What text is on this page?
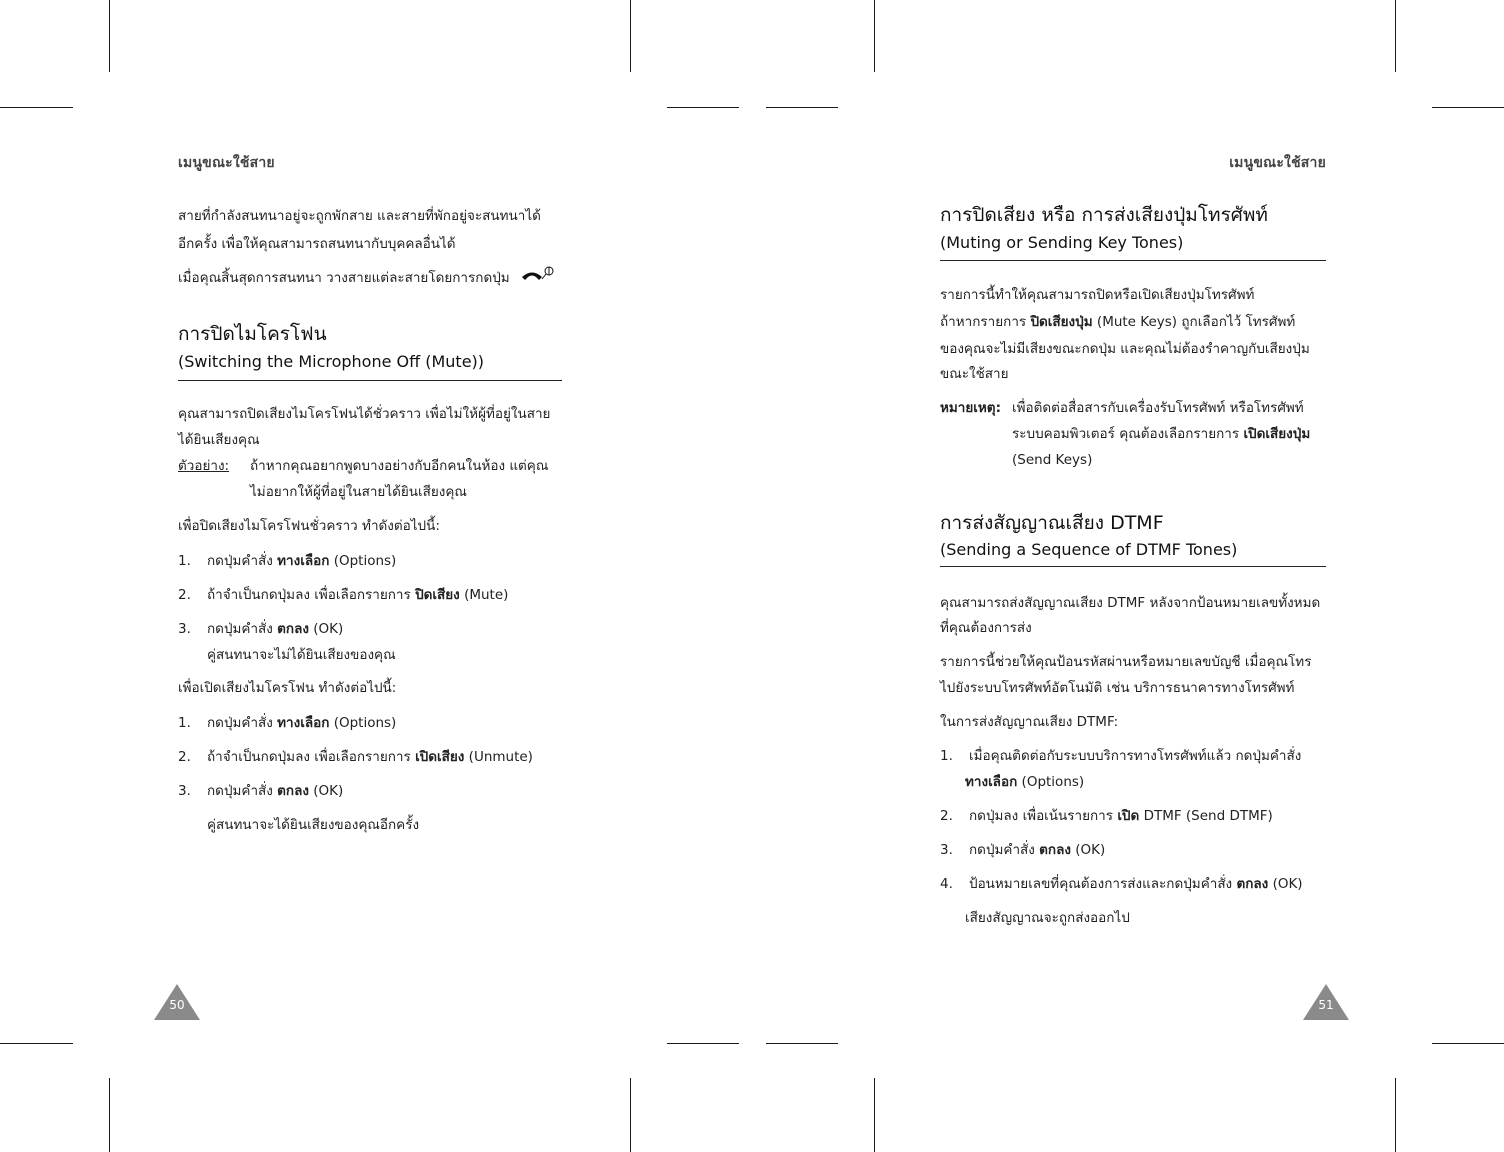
เมนูขณะใช้สาย

สายที่กำลังสนทนาอยู่จะถูกพักสาย และสายที่พักอยู่จะสนทนาได้

อีกครั้ง เพื่อให้คุณสามารถสนทนากับบุคคลอื่นได้

เมื่อคุณสิ้นสุดการสนทนา วางสายแต่ละสายโดยการกดปุ่ม

การปิดไมโครโฟน
(Switching the Microphone Off (Mute))

คุณสามารถปิดเสียงไมโครโฟนได้ชั่วคราว เพื่อไม่ให้ผู้ที่อยู่ในสาย

ได้ยินเสียงคุณ

ตัวอย่าง: ถ้าหากคุณอยากพูดบางอย่างกับอีกคนในห้อง แต่คุณ
ไม่อยากให้ผู้ที่อยู่ในสายได้ยินเสียงคุณ

เพื่อปิดเสียงไมโครโฟนชั่วคราว ทำดังต่อไปนี้:

1. กดปุ่มคำสั่ง ทางเลือก (Options)

2. ถ้าจำเป็นกดปุ่มลง เพื่อเลือกรายการ ปิดเสียง (Mute)

3. กดปุ่มคำสั่ง ตกลง (OK)

คู่สนทนาจะไม่ได้ยินเสียงของคุณ

เพื่อเปิดเสียงไมโครโฟน ทำดังต่อไปนี้:

1. กดปุ่มคำสั่ง ทางเลือก (Options)

2. ถ้าจำเป็นกดปุ่มลง เพื่อเลือกรายการ เปิดเสียง (Unmute)

3. กดปุ่มคำสั่ง ตกลง (OK)

คู่สนทนาจะได้ยินเสียงของคุณอีกครั้ง
50
เมนูขณะใช้สาย
การปิดเสียง หรือ การส่งเสียงปุ่มโทรศัพท์
(Muting or Sending Key Tones)

รายการนี้ทำให้คุณสามารถปิดหรือเปิดเสียงปุ่มโทรศัพท์

ถ้าหากรายการ ปิดเสียงปุ่ม (Mute Keys) ถูกเลือกไว้ โทรศัพท์

ของคุณจะไม่มีเสียงขณะกดปุ่ม และคุณไม่ต้องรำคาญกับเสียงปุ่ม

ขณะใช้สาย

หมายเหตุ: เพื่อติดต่อสื่อสารกับเครื่องรับโทรศัพท์ หรือโทรศัพท์
ระบบคอมพิวเตอร์ คุณต้องเลือกรายการ เปิดเสียงปุ่ม
(Send Keys)
การส่งสัญญาณเสียง DTMF
(Sending a Sequence of DTMF Tones)

คุณสามารถส่งสัญญาณเสียง DTMF หลังจากป้อนหมายเลขทั้งหมด

ที่คุณต้องการส่ง

รายการนี้ช่วยให้คุณป้อนรหัสผ่านหรือหมายเลขบัญชี เมื่อคุณโทร

ไปยังระบบโทรศัพท์อัตโนมัติ เช่น บริการธนาคารทางโทรศัพท์

ในการส่งสัญญาณเสียง DTMF:

1. เมื่อคุณติดต่อกับระบบบริการทางโทรศัพท์แล้ว กดปุ่มคำสั่ง

ทางเลือก (Options)

2. กดปุ่มลง เพื่อเน้นรายการ เปิด DTMF (Send DTMF)

3. กดปุ่มคำสั่ง ตกลง (OK)

4. ป้อนหมายเลขที่คุณต้องการส่งและกดปุ่มคำสั่ง ตกลง (OK)

เสียงสัญญาณจะถูกส่งออกไป
51
